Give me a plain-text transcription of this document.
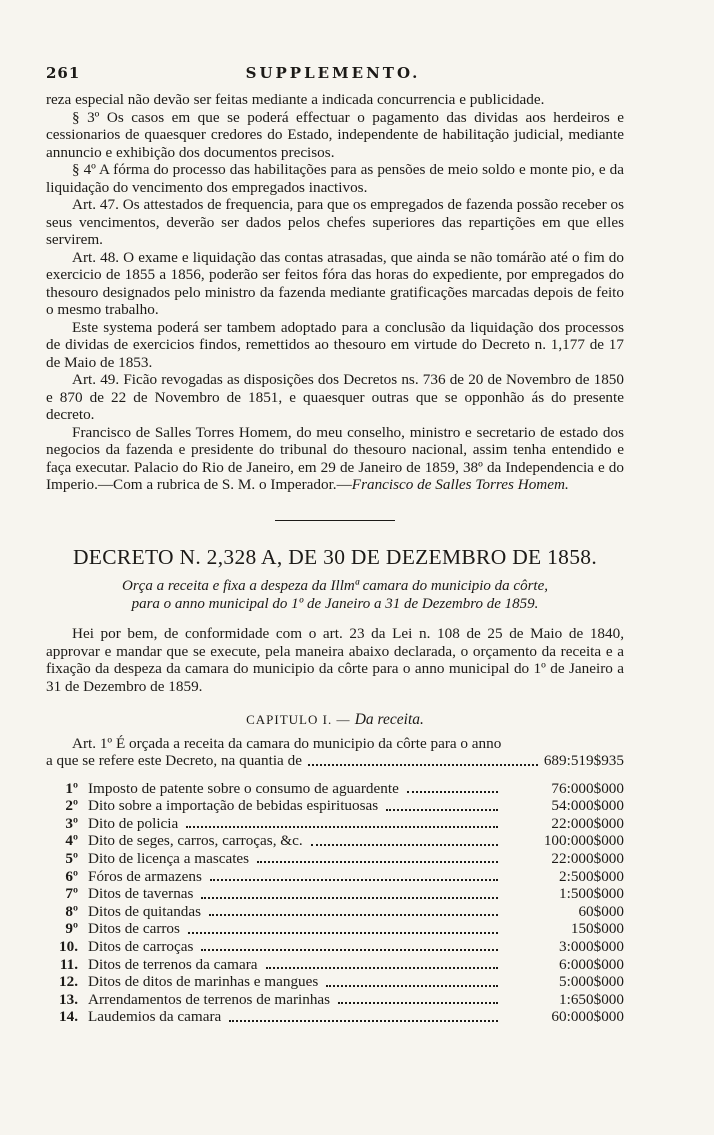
261	SUPPLEMENTO.

reza especial não devão ser feitas mediante a indicada concurrencia e publicidade.

§ 3º Os casos em que se poderá effectuar o pagamento das dividas aos herdeiros e cessionarios de quaesquer credores do Estado, independente de habilitação judicial, mediante annuncio e exhibição dos documentos precisos.

§ 4º A fórma do processo das habilitações para as pensões de meio soldo e monte pio, e da liquidação do vencimento dos empregados inactivos.

Art. 47. Os attestados de frequencia, para que os empregados de fazenda possão receber os seus vencimentos, deverão ser dados pelos chefes superiores das repartições em que elles servirem.

Art. 48. O exame e liquidação das contas atrasadas, que ainda se não tomárão até o fim do exercicio de 1855 a 1856, poderão ser feitos fóra das horas do expediente, por empregados do thesouro designados pelo ministro da fazenda mediante gratificações marcadas depois de feito o mesmo trabalho.

Este systema poderá ser tambem adoptado para a conclusão da liquidação dos processos de dividas de exercicios findos, remettidos ao thesouro em virtude do Decreto n. 1,177 de 17 de Maio de 1853.

Art. 49. Ficão revogadas as disposições dos Decretos ns. 736 de 20 de Novembro de 1850 e 870 de 22 de Novembro de 1851, e quaesquer outras que se opponhão ás do presente decreto.

Francisco de Salles Torres Homem, do meu conselho, ministro e secretario de estado dos negocios da fazenda e presidente do tribunal do thesouro nacional, assim tenha entendido e faça executar. Palacio do Rio de Janeiro, em 29 de Janeiro de 1859, 38º da Independencia e do Imperio.—Com a rubrica de S. M. o Imperador.—Francisco de Salles Torres Homem.

DECRETO N. 2,328 A, DE 30 DE DEZEMBRO DE 1858.
Orça a receita e fixa a despeza da Illmª camara do municipio da côrte,
para o anno municipal do 1º de Janeiro a 31 de Dezembro de 1859.

Hei por bem, de conformidade com o art. 23 da Lei n. 108 de 25 de Maio de 1840, approvar e mandar que se execute, pela maneira abaixo declarada, o orçamento da receita e a fixação da despeza da camara do municipio da côrte para o anno municipal do 1º de Janeiro a 31 de Dezembro de 1859.

CAPITULO I. — Da receita.

Art. 1º É orçada a receita da camara do municipio da côrte para o anno

a que se refere este Decreto, na quantia de	689:519$935
1º Imposto de patente sobre o consumo de aguardente	76:000$000
2º Dito sobre a importação de bebidas espirituosas	54:000$000
3º Dito de policia	22:000$000
4º Dito de seges, carros, carroças, &c.	100:000$000
5º Dito de licença a mascates	22:000$000
6º Fóros de armazens	2:500$000
7º Ditos de tavernas	1:500$000
8º Ditos de quitandas	60$000
9º Ditos de carros	150$000
10. Ditos de carroças	3:000$000
11. Ditos de terrenos da camara	6:000$000
12. Ditos de ditos de marinhas e mangues	5:000$000
13. Arrendamentos de terrenos de marinhas	1:650$000
14. Laudemios da camara	60:000$000
